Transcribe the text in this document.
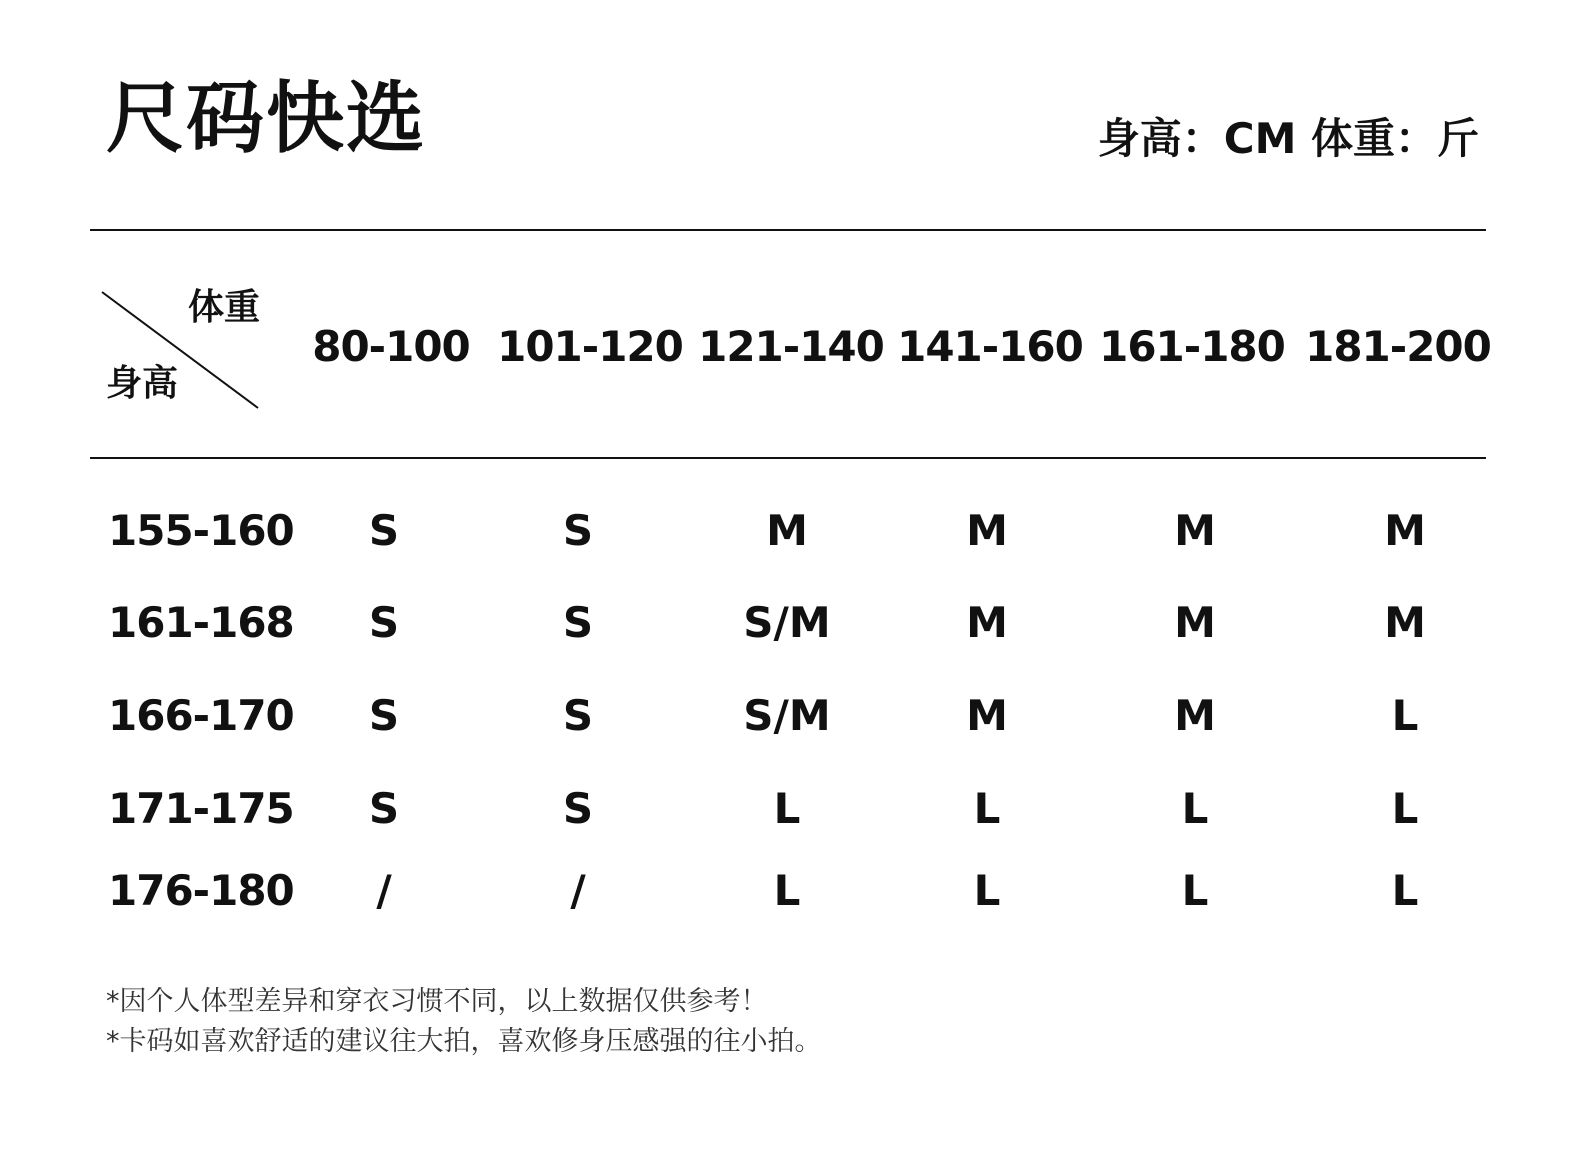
尺码快选	身高：CM 体重：斤
体重
身高
80-100 101-120 121-140 141-160 161-180 181-200
155-160 S	S	M	M	M	M
161-168 S	S	S/M	M	M	M
166-170 S	S	S/M	M	M	L
171-175 S	S	L	L	L	L
176-180 /	/	L	L	L	L
*因个人体型差异和穿衣习惯不同，以上数据仅供参考！
*卡码如喜欢舒适的建议往大拍，喜欢修身压感强的往小拍。
